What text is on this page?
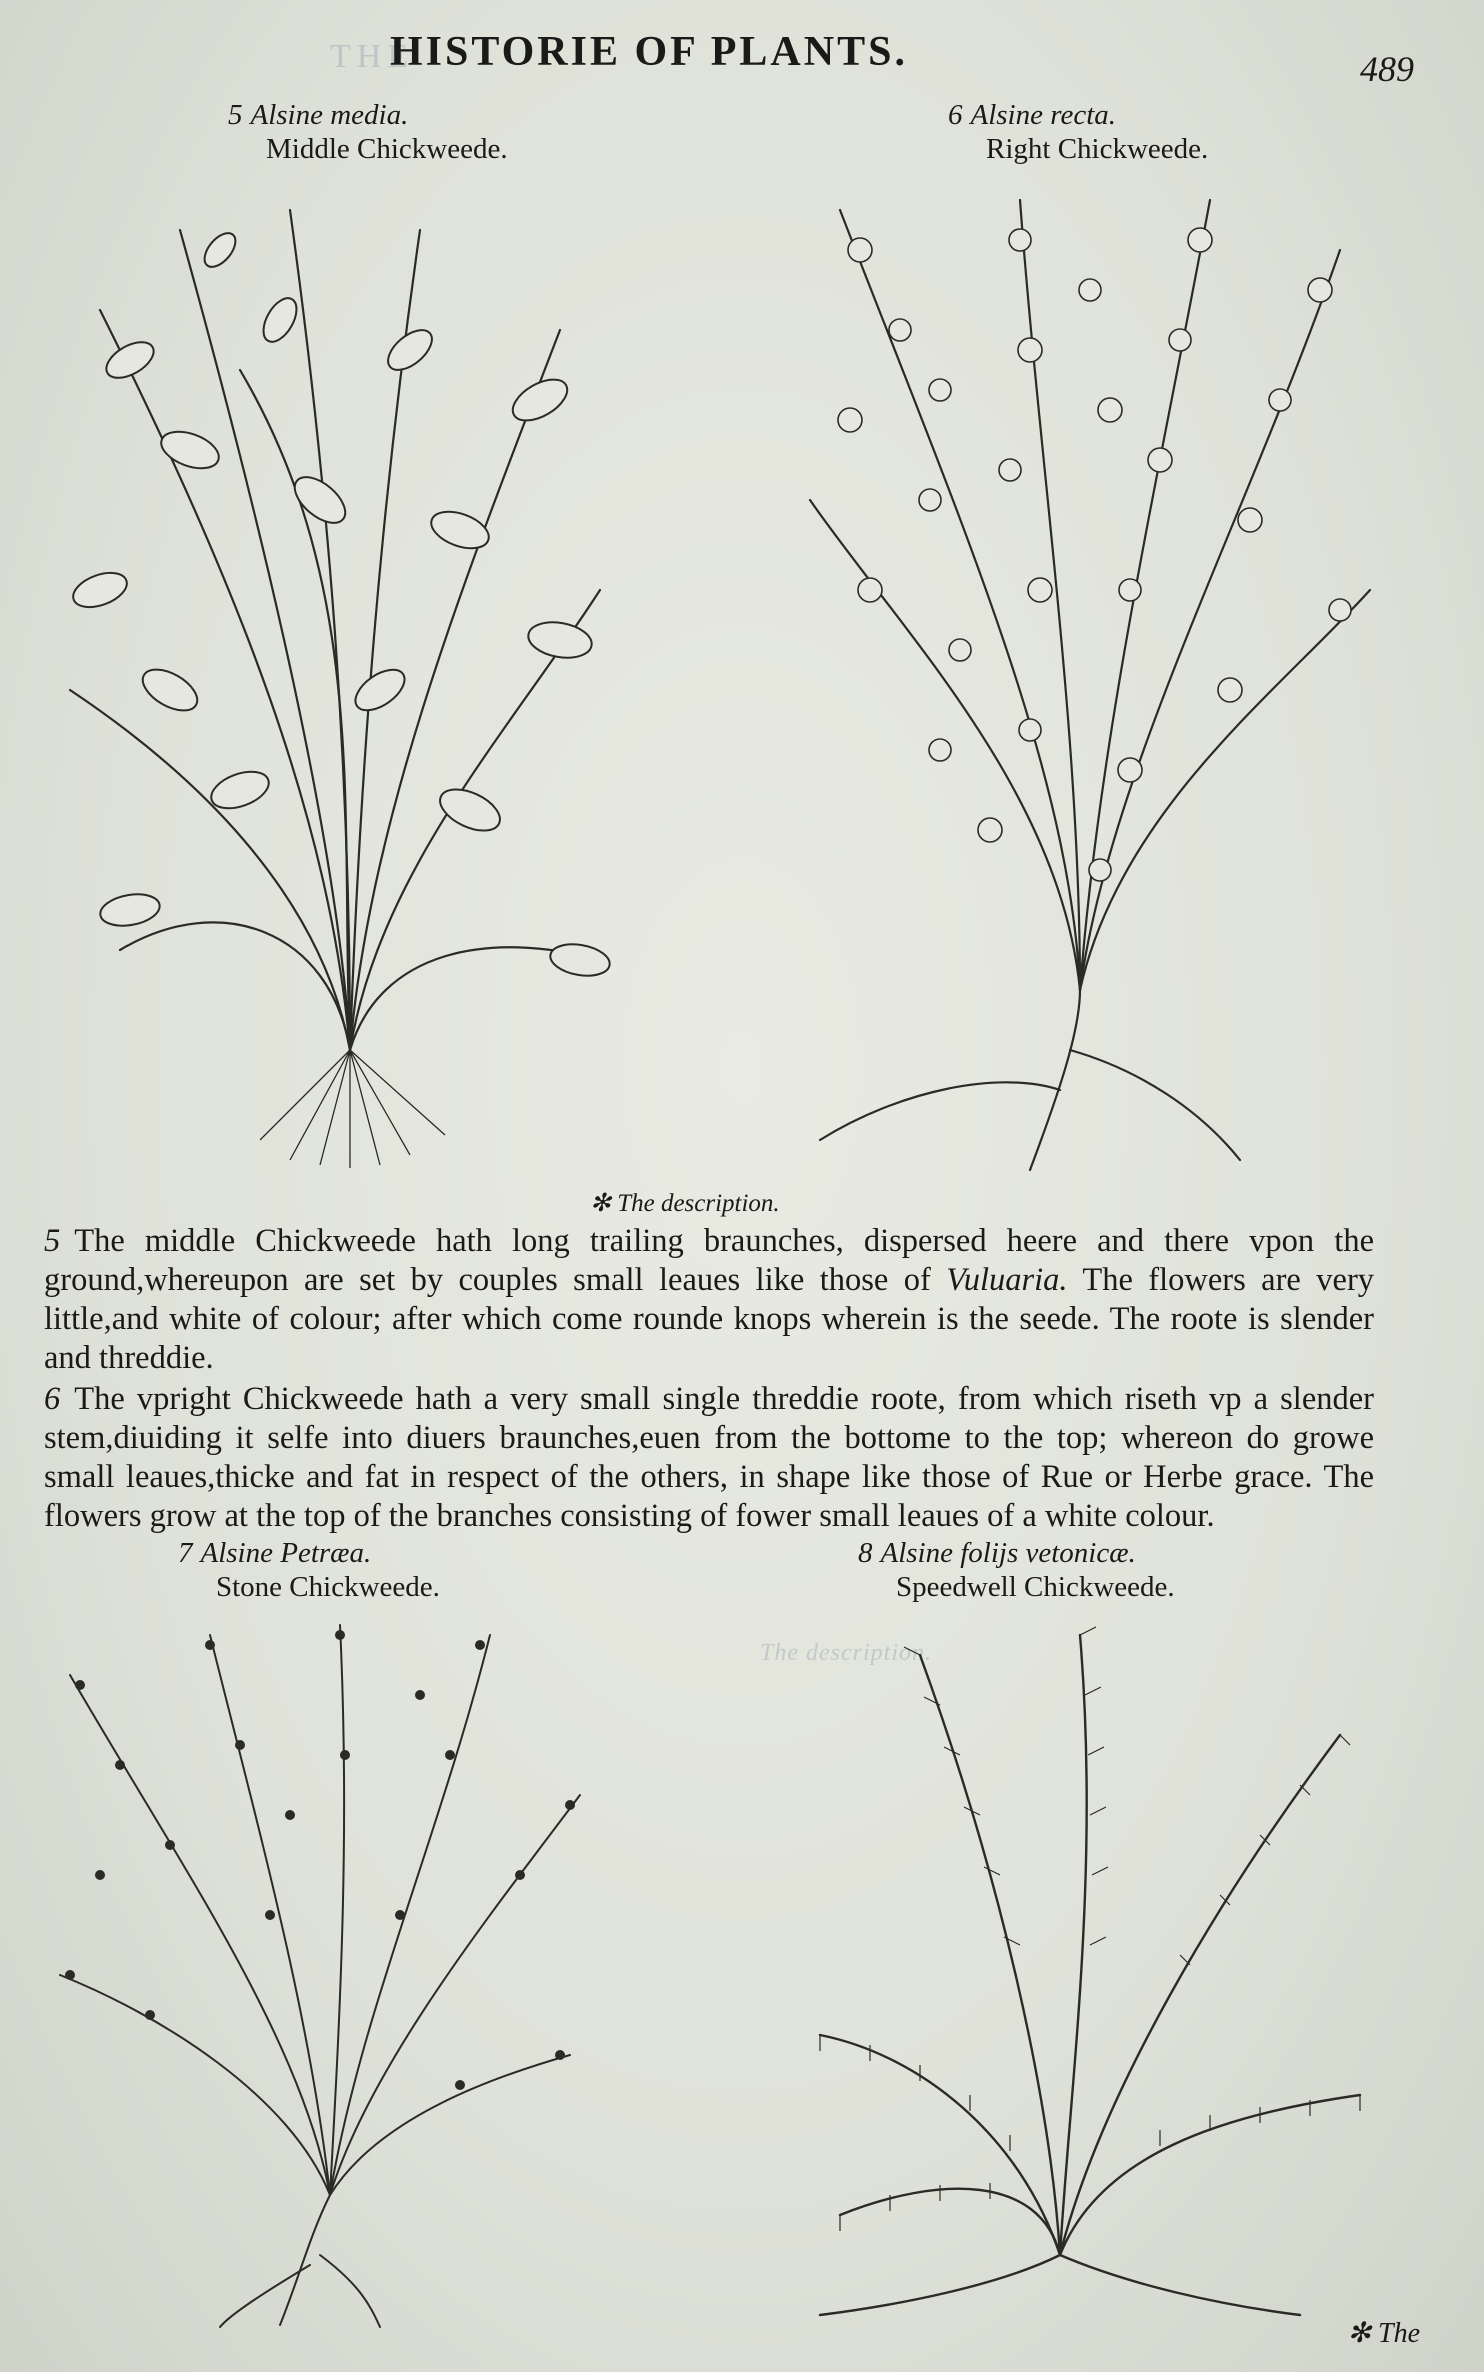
THE
The description.
HISTORIE OF PLANTS.	489
5 Alsine media.
Middle Chickweede.
6 Alsine recta.
Right Chickweede.
✻ The description.
5 The middle Chickweede hath long trailing braunches, dispersed heere and there vpon the ground,whereupon are set by couples small leaues like those of Vuluaria. The flowers are very little,and white of colour; after which come rounde knops wherein is the seede. The roote is slender and threddie.
6 The vpright Chickweede hath a very small single threddie roote, from which riseth vp a slender stem,diuiding it selfe into diuers braunches,euen from the bottome to the top; whereon do growe small leaues,thicke and fat in respect of the others, in shape like those of Rue or Herbe grace. The flowers grow at the top of the branches consisting of fower small leaues of a white colour.
7 Alsine Petræa.
Stone Chickweede.
8 Alsine folijs vetonicæ.
Speedwell Chickweede.
✻ The
